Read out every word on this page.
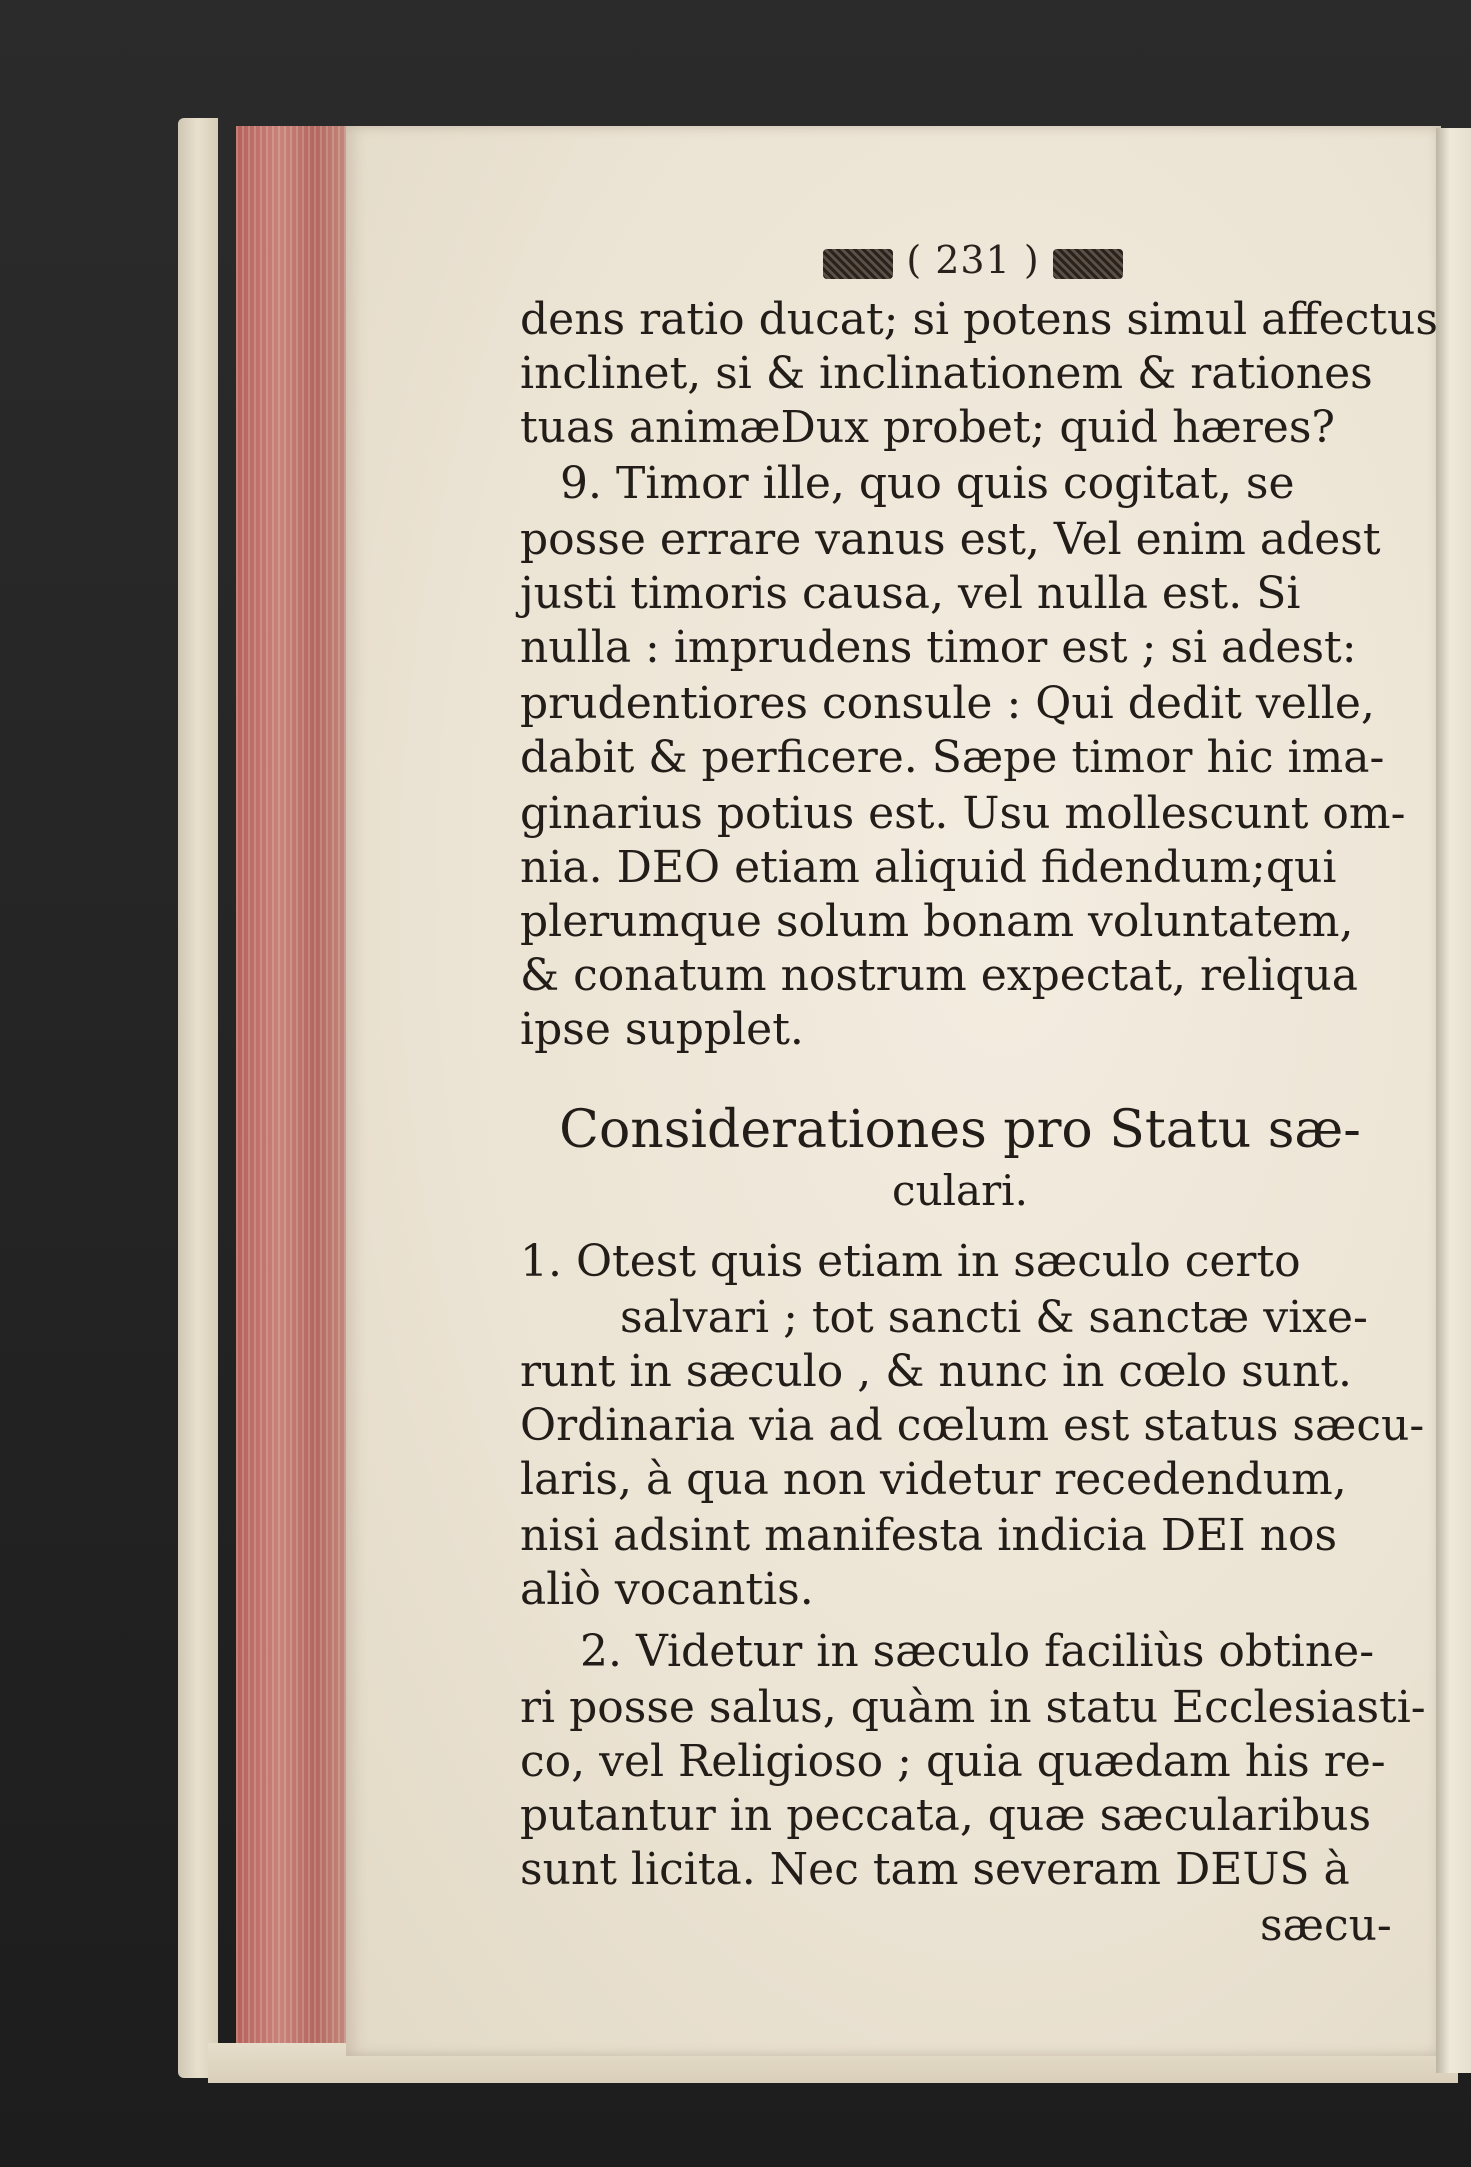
( 231 )
dens ratio ducat; si potens simul affectus
inclinet, si & inclinationem & rationes
tuas animæDux probet; quid hæres?
9. Timor ille, quo quis cogitat, se
posse errare vanus est, Vel enim adest
justi timoris causa, vel nulla est. Si
nulla : imprudens timor est ; si adest:
prudentiores consule : Qui dedit velle,
dabit & perficere. Sæpe timor hic ima-
ginarius potius est. Usu mollescunt om-
nia. DEO etiam aliquid fidendum;qui
plerumque solum bonam voluntatem,
& conatum nostrum expectat, reliqua
ipse supplet.
Considerationes pro Statu sæ-
culari.
1. Otest quis etiam in sæculo certo
salvari ; tot sancti & sanctæ vixe-
runt in sæculo , & nunc in cœlo sunt.
Ordinaria via ad cœlum est status sæcu-
laris, à qua non videtur recedendum,
nisi adsint manifesta indicia DEI nos
aliò vocantis.
2. Videtur in sæculo faciliùs obtine-
ri posse salus, quàm in statu Ecclesiasti-
co, vel Religioso ; quia quædam his re-
putantur in peccata, quæ sæcularibus
sunt licita. Nec tam severam DEUS à
sæcu-
